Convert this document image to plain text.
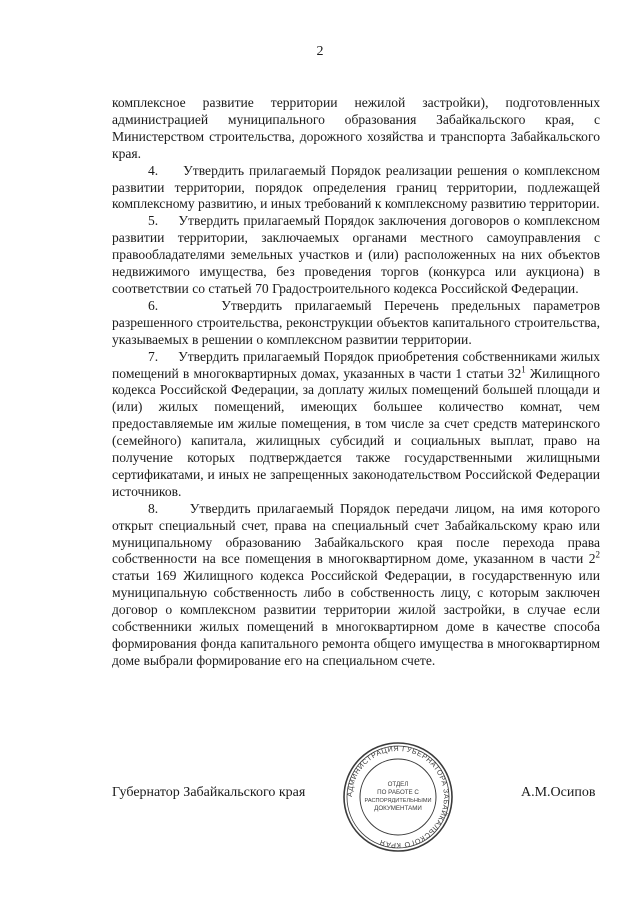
2

комплексное развитие территории нежилой застройки), подготовленных администрацией муниципального образования Забайкальского края, с Министерством строительства, дорожного хозяйства и транспорта Забайкальского края.

4.     Утвердить прилагаемый Порядок реализации решения о комплексном развитии территории, порядок определения границ территории, подлежащей комплексному развитию, и иных требований к комплексному развитию территории.

5.     Утвердить прилагаемый Порядок заключения договоров о комплексном развитии территории, заключаемых органами местного самоуправления с правообладателями земельных участков и (или) расположенных на них объектов недвижимого имущества, без проведения торгов (конкурса или аукциона) в соответствии со статьей 70 Градостроительного кодекса Российской Федерации.

6.     Утвердить прилагаемый Перечень предельных параметров разрешенного строительства, реконструкции объектов капитального строительства, указываемых в решении о комплексном развитии территории.

7.     Утвердить прилагаемый Порядок приобретения собственниками жилых помещений в многоквартирных домах, указанных в части 1 статьи $32^1$ Жилищного кодекса Российской Федерации, за доплату жилых помещений большей площади и (или) жилых помещений, имеющих большее количество комнат, чем предоставляемые им жилые помещения, в том числе за счет средств материнского (семейного) капитала, жилищных субсидий и социальных выплат, право на получение которых подтверждается также государственными жилищными сертификатами, и иных не запрещенных законодательством Российской Федерации источников.

8.     Утвердить прилагаемый Порядок передачи лицом, на имя которого открыт специальный счет, права на специальный счет Забайкальскому краю или муниципальному образованию Забайкальского края после перехода права собственности на все помещения в многоквартирном доме, указанном в части $2^2$ статьи 169 Жилищного кодекса Российской Федерации, в государственную или муниципальную собственность либо в собственность лицу, с которым заключен договор о комплексном развитии территории жилой застройки, в случае если собственники жилых помещений в многоквартирном доме в качестве способа формирования фонда капитального ремонта общего имущества в многоквартирном доме выбрали формирование его на специальном счете.

Губернатор Забайкальского края	АДМИНИСТРАЦИЯ ГУБЕРНАТОРА ЗАБАЙКАЛЬСКОГО КРАЯ
ОТДЕЛ
ПО РАБОТЕ С
РАСПОРЯДИТЕЛЬНЫМИ
ДОКУМЕНТАМИ
А.М.Осипов
